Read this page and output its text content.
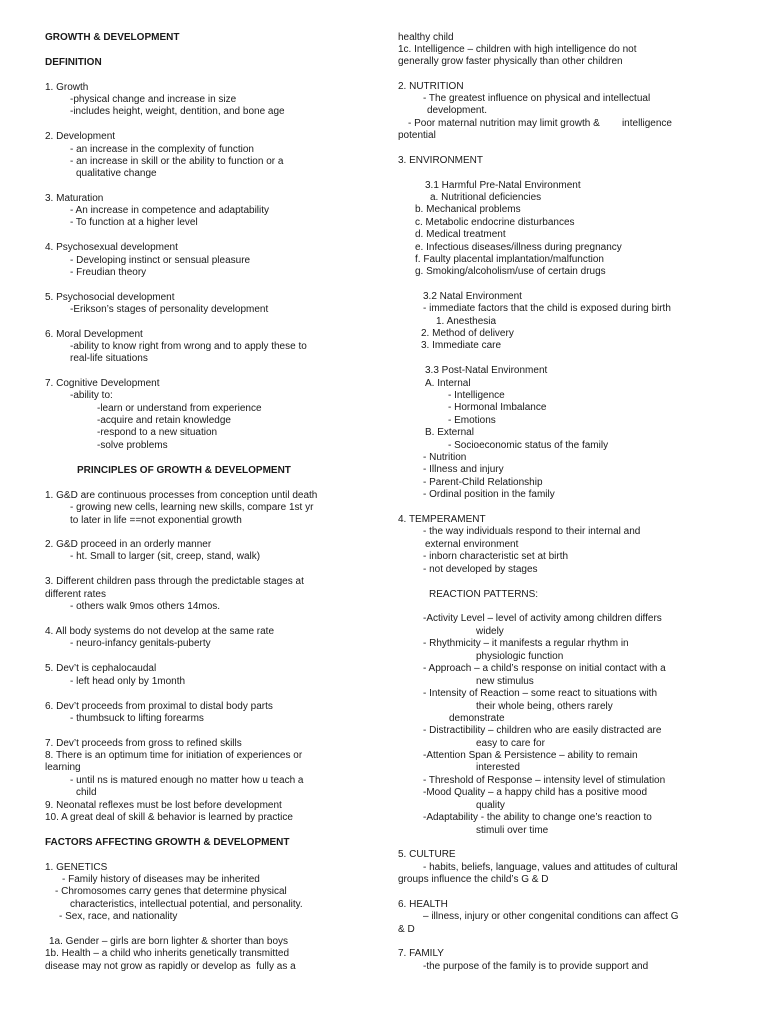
GROWTH & DEVELOPMENT
DEFINITION
1. Growth
-physical change and increase in size
-includes height, weight, dentition, and bone age
2. Development
- an increase in the complexity of function
- an increase in skill or the ability to function or a
qualitative change
3. Maturation
- An increase in competence and adaptability
- To function at a higher level
4. Psychosexual development
- Developing instinct or sensual pleasure
- Freudian theory
5. Psychosocial development
-Erikson’s stages of personality development
6. Moral Development
-ability to know right from wrong and to apply these to
real-life situations
7. Cognitive Development
-ability to:
-learn or understand from experience
-acquire and retain knowledge
-respond to a new situation
-solve problems
PRINCIPLES OF GROWTH & DEVELOPMENT
1. G&D are continuous processes from conception until death
- growing new cells, learning new skills, compare 1st yr
to later in life ==not exponential growth
2. G&D proceed in an orderly manner
- ht. Small to larger (sit, creep, stand, walk)
3. Different children pass through the predictable stages at
different rates
- others walk 9mos others 14mos.
4. All body systems do not develop at the same rate
- neuro-infancy genitals-puberty
5. Dev’t is cephalocaudal
- left head only by 1month
6. Dev’t proceeds from proximal to distal body parts
- thumbsuck to lifting forearms
7. Dev’t proceeds from gross to refined skills
8. There is an optimum time for initiation of experiences or
learning
- until ns is matured enough no matter how u teach a
child
9. Neonatal reflexes must be lost before development
10. A great deal of skill & behavior is learned by practice
FACTORS AFFECTING GROWTH & DEVELOPMENT
1. GENETICS
- Family history of diseases may be inherited
- Chromosomes carry genes that determine physical
characteristics, intellectual potential, and personality.
- Sex, race, and nationality
1a. Gender – girls are born lighter & shorter than boys
1b. Health – a child who inherits genetically transmitted
disease may not grow as rapidly or develop as  fully as a
healthy child
1c. Intelligence – children with high intelligence do not
generally grow faster physically than other children
2. NUTRITION
- The greatest influence on physical and intellectual
development.
- Poor maternal nutrition may limit growth &        intelligence
potential
3. ENVIRONMENT
3.1 Harmful Pre-Natal Environment
a. Nutritional deficiencies
b. Mechanical problems
c. Metabolic endocrine disturbances
d. Medical treatment
e. Infectious diseases/illness during pregnancy
f. Faulty placental implantation/malfunction
g. Smoking/alcoholism/use of certain drugs
3.2 Natal Environment
- immediate factors that the child is exposed during birth
1. Anesthesia
2. Method of delivery
3. Immediate care
3.3 Post-Natal Environment
A. Internal
- Intelligence
- Hormonal Imbalance
- Emotions
B. External
- Socioeconomic status of the family
- Nutrition
- Illness and injury
- Parent-Child Relationship
- Ordinal position in the family
4. TEMPERAMENT
- the way individuals respond to their internal and
external environment
- inborn characteristic set at birth
- not developed by stages
REACTION PATTERNS:
-Activity Level – level of activity among children differs
widely
- Rhythmicity – it manifests a regular rhythm in
physiologic function
- Approach – a child’s response on initial contact with a
new stimulus
- Intensity of Reaction – some react to situations with
their whole being, others rarely
demonstrate
- Distractibility – children who are easily distracted are
easy to care for
-Attention Span & Persistence – ability to remain
interested
- Threshold of Response – intensity level of stimulation
-Mood Quality – a happy child has a positive mood
quality
-Adaptability - the ability to change one’s reaction to
stimuli over time
5. CULTURE
- habits, beliefs, language, values and attitudes of cultural
groups influence the child’s G & D
6. HEALTH
– illness, injury or other congenital conditions can affect G
& D
7. FAMILY
-the purpose of the family is to provide support and
